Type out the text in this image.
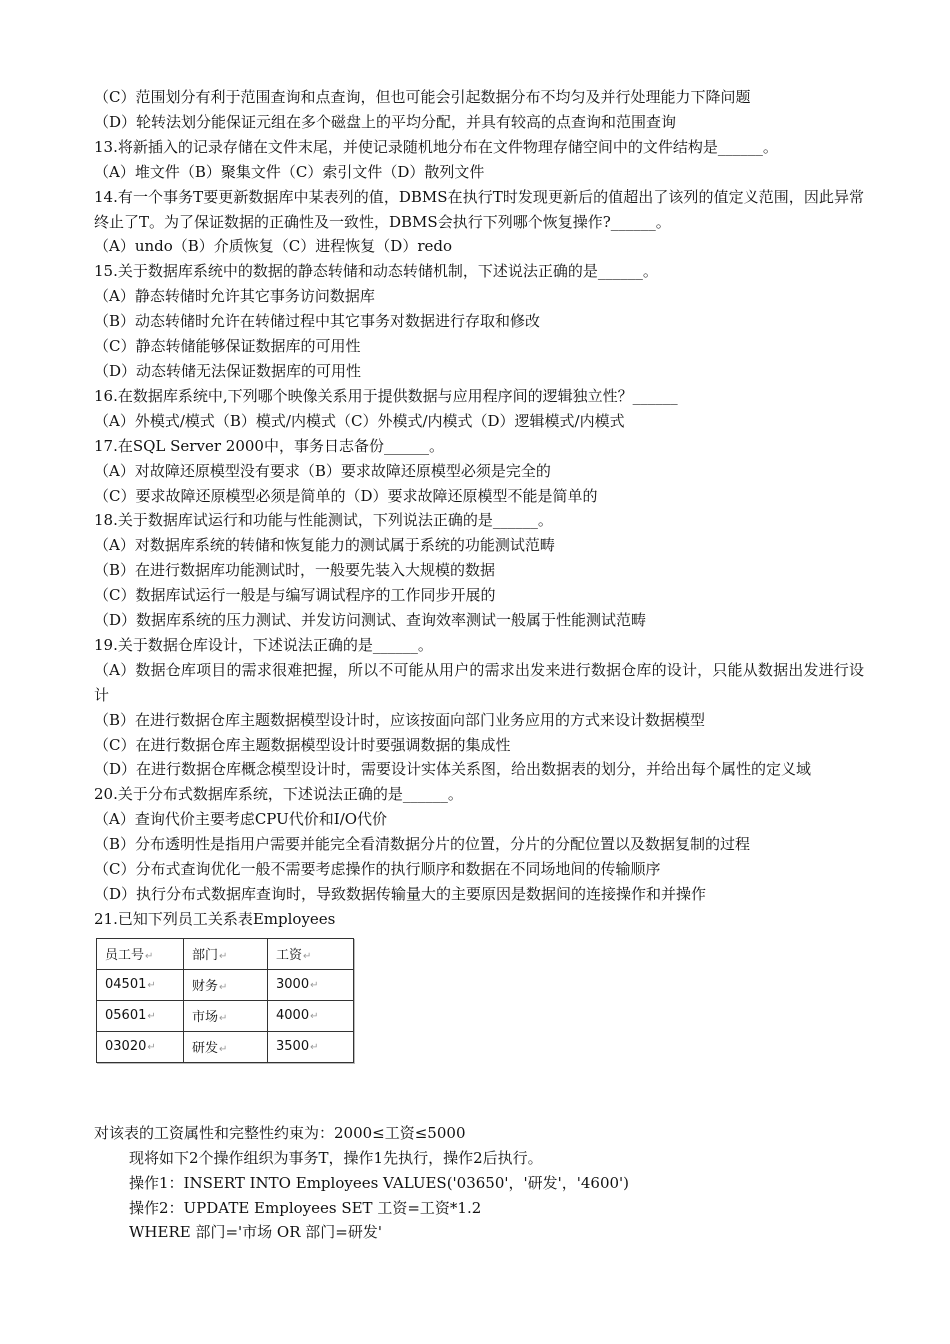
（C）范围划分有利于范围查询和点查询，但也可能会引起数据分布不均匀及并行处理能力下降问题
（D）轮转法划分能保证元组在多个磁盘上的平均分配，并具有较高的点查询和范围查询
13.将新插入的记录存储在文件末尾，并使记录随机地分布在文件物理存储空间中的文件结构是______。
（A）堆文件（B）聚集文件（C）索引文件（D）散列文件
14.有一个事务T要更新数据库中某表列的值，DBMS在执行T时发现更新后的值超出了该列的值定义范围，因此异常终止了T。为了保证数据的正确性及一致性，DBMS会执行下列哪个恢复操作?______。
（A）undo（B）介质恢复（C）进程恢复（D）redo
15.关于数据库系统中的数据的静态转储和动态转储机制，下述说法正确的是______。
（A）静态转储时允许其它事务访问数据库
（B）动态转储时允许在转储过程中其它事务对数据进行存取和修改
（C）静态转储能够保证数据库的可用性
（D）动态转储无法保证数据库的可用性
16.在数据库系统中,下列哪个映像关系用于提供数据与应用程序间的逻辑独立性？______
（A）外模式/模式（B）模式/内模式（C）外模式/内模式（D）逻辑模式/内模式
17.在SQL Server 2000中，事务日志备份______。
（A）对故障还原模型没有要求（B）要求故障还原模型必须是完全的
（C）要求故障还原模型必须是简单的（D）要求故障还原模型不能是简单的
18.关于数据库试运行和功能与性能测试，下列说法正确的是______。
（A）对数据库系统的转储和恢复能力的测试属于系统的功能测试范畴
（B）在进行数据库功能测试时，一般要先装入大规模的数据
（C）数据库试运行一般是与编写调试程序的工作同步开展的
（D）数据库系统的压力测试、并发访问测试、查询效率测试一般属于性能测试范畴
19.关于数据仓库设计，下述说法正确的是______。
（A）数据仓库项目的需求很难把握，所以不可能从用户的需求出发来进行数据仓库的设计，只能从数据出发进行设计
（B）在进行数据仓库主题数据模型设计时，应该按面向部门业务应用的方式来设计数据模型
（C）在进行数据仓库主题数据模型设计时要强调数据的集成性
（D）在进行数据仓库概念模型设计时，需要设计实体关系图，给出数据表的划分，并给出每个属性的定义域
20.关于分布式数据库系统，下述说法正确的是______。
（A）查询代价主要考虑CPU代价和I/O代价
（B）分布透明性是指用户需要并能完全看清数据分片的位置，分片的分配位置以及数据复制的过程
（C）分布式查询优化一般不需要考虑操作的执行顺序和数据在不同场地间的传输顺序
（D）执行分布式数据库查询时，导致数据传输量大的主要原因是数据间的连接操作和并操作
21.已知下列员工关系表Employees
员工号↵	部门↵	工资↵
04501↵	财务↵	3000↵
05601↵	市场↵	4000↵
03020↵	研发↵	3500↵
对该表的工资属性和完整性约束为：2000≤工资≤5000
现将如下2个操作组织为事务T，操作1先执行，操作2后执行。
操作1：INSERT INTO Employees VALUES('03650'，'研发'，'4600')
操作2：UPDATE Employees SET 工资=工资*1.2
WHERE 部门='市场 OR 部门=研发'
